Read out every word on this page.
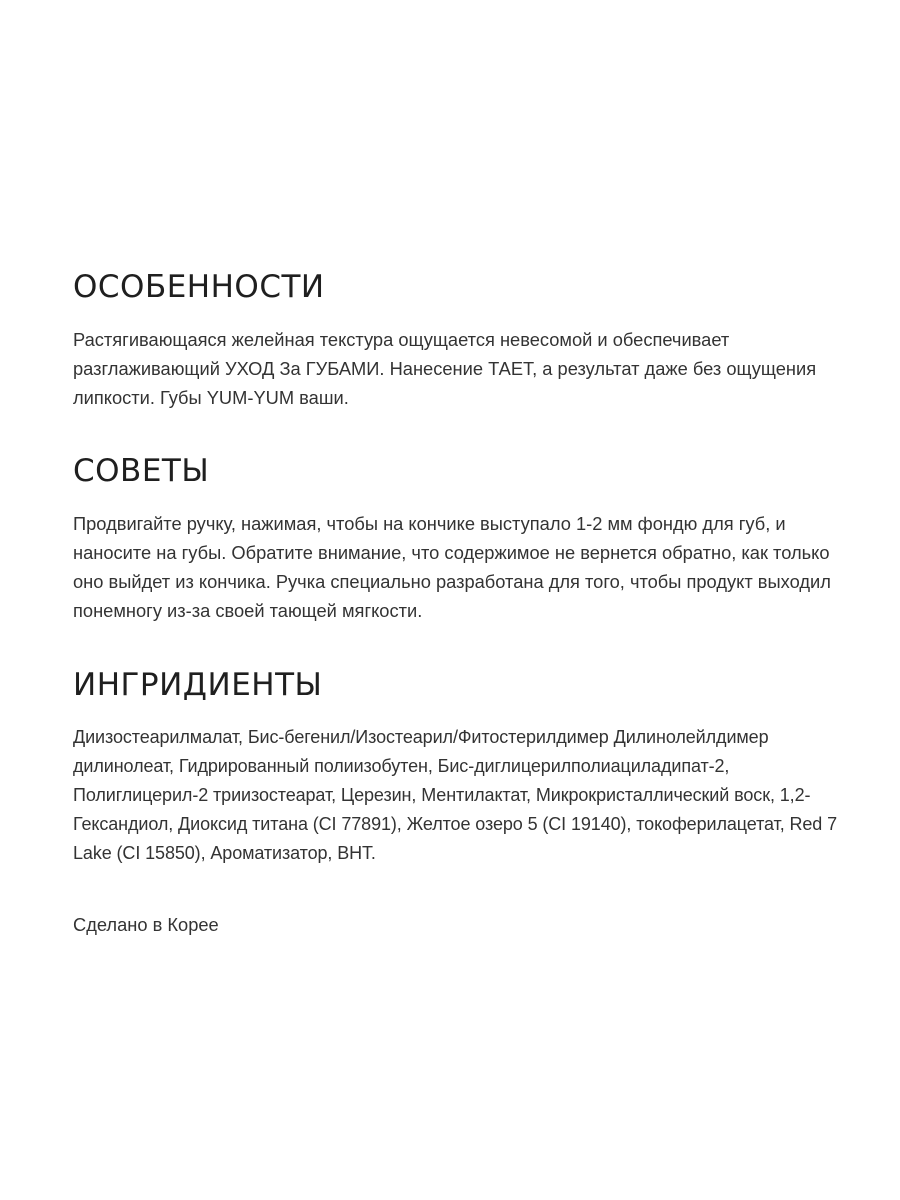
ОСОБЕННОСТИ

Растягивающаяся желейная текстура ощущается невесомой и обеспечивает разглаживающий УХОД За ГУБАМИ. Нанесение ТАЕТ, а результат даже без ощущения липкости. Губы YUM-YUM ваши.

СОВЕТЫ

Продвигайте ручку, нажимая, чтобы на кончике выступало 1-2 мм фондю для губ, и наносите на губы. Обратите внимание, что содержимое не вернется обратно, как только оно выйдет из кончика. Ручка специально разработана для того, чтобы продукт выходил понемногу из-за своей тающей мягкости.

ИНГРИДИЕНТЫ

Диизостеарилмалат, Бис-бегенил/Изостеарил/Фитостерилдимер Дилинолейлдимер дилинолеат, Гидрированный полиизобутен, Бис-диглицерилполиациладипат-2, Полиглицерил-2 триизостеарат, Церезин, Ментилактат, Микрокристаллический воск, 1,2-Гександиол, Диоксид титана (CI 77891), Желтое озеро 5 (CI 19140), токоферилацетат, Red 7 Lake (CI 15850), Ароматизатор, BHT.

Сделано в Корее
